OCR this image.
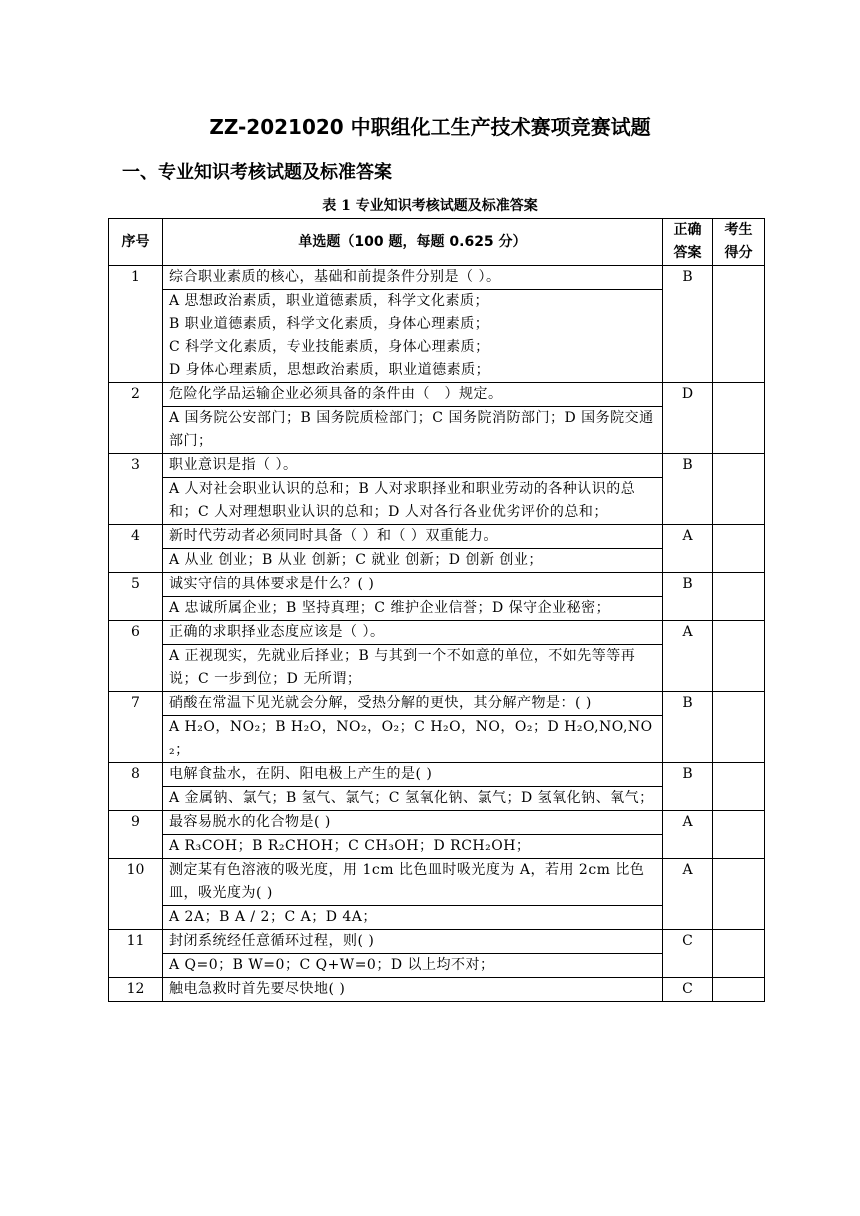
ZZ-2021020 中职组化工生产技术赛项竞赛试题
一、专业知识考核试题及标准答案
表 1 专业知识考核试题及标准答案
序号	单选题（100 题，每题 0.625 分）	正确答案	考生得分
1	综合职业素质的核心，基础和前提条件分别是（ ）。	B	

	A 思想政治素质，职业道德素质，科学文化素质；
B 职业道德素质，科学文化素质，身体心理素质；
C 科学文化素质，专业技能素质，身体心理素质；
D 身体心理素质，思想政治素质，职业道德素质；		

2	危险化学品运输企业必须具备的条件由（　）规定。	D	

	A 国务院公安部门；B 国务院质检部门；C 国务院消防部门；D 国务院交通部门；		

3	职业意识是指（ ）。	B	

	A 人对社会职业认识的总和；B 人对求职择业和职业劳动的各种认识的总和；C 人对理想职业认识的总和；D 人对各行各业优劣评价的总和；		

4	新时代劳动者必须同时具备（ ）和（ ）双重能力。	A	

	A 从业 创业；B 从业 创新；C 就业 创新；D 创新 创业；		

5	诚实守信的具体要求是什么？( )	B	

	A 忠诚所属企业；B 坚持真理；C 维护企业信誉；D 保守企业秘密；		

6	正确的求职择业态度应该是（ ）。	A	

	A 正视现实，先就业后择业；B 与其到一个不如意的单位，不如先等等再说；C 一步到位；D 无所谓；		

7	硝酸在常温下见光就会分解，受热分解的更快，其分解产物是：( )	B	

	A H₂O，NO₂；B H₂O，NO₂，O₂；C H₂O，NO，O₂；D H₂O,NO,NO₂；		

8	电解食盐水，在阴、阳电极上产生的是( )	B	

	A 金属钠、氯气；B 氢气、氯气；C 氢氧化钠、氯气；D 氢氧化钠、氧气；		

9	最容易脱水的化合物是( )	A	

	A R₃COH；B R₂CHOH；C CH₃OH；D RCH₂OH；		

10	测定某有色溶液的吸光度，用 1cm 比色皿时吸光度为 A，若用 2cm 比色皿，吸光度为( )	A	

	A 2A；B A / 2；C A；D 4A；		

11	封闭系统经任意循环过程，则( )	C	

	A Q=0；B W=0；C Q+W=0；D 以上均不对；		

12	触电急救时首先要尽快地( )	C	
